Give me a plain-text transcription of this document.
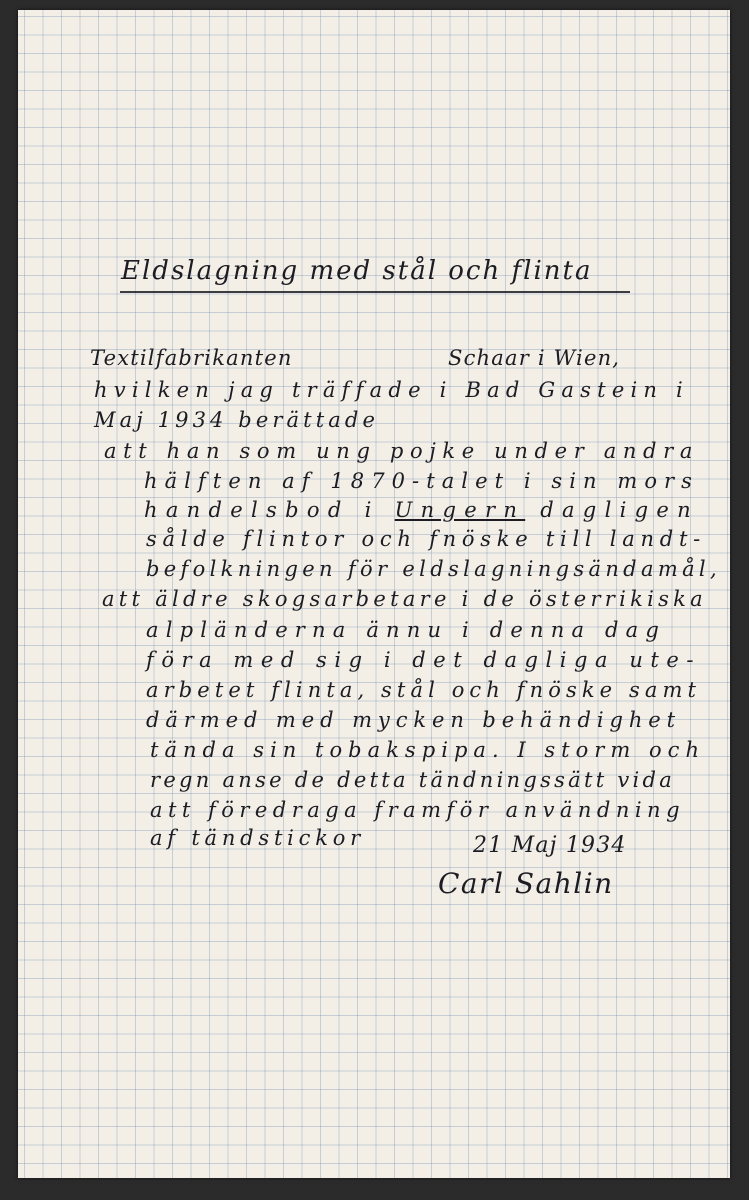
Eldslagning med stål och flinta
Textilfabrikanten	Schaar i Wien,
hvilken jag träffade i Bad Gastein i
Maj 1934 berättade
att han som ung pojke under andra
hälften af 1870-talet i sin mors
handelsbod i Ungern dagligen
sålde flintor och fnöske till landt-
befolkningen för eldslagningsändamål,
att äldre skogsarbetare i de österrikiska
alpländerna ännu i denna dag
föra med sig i det dagliga ute-
arbetet flinta, stål och fnöske samt
därmed med mycken behändighet
tända sin tobakspipa. I storm och
regn anse de detta tändningssätt vida
att föredraga framför användning
af tändstickor	21 Maj 1934
Carl Sahlin
